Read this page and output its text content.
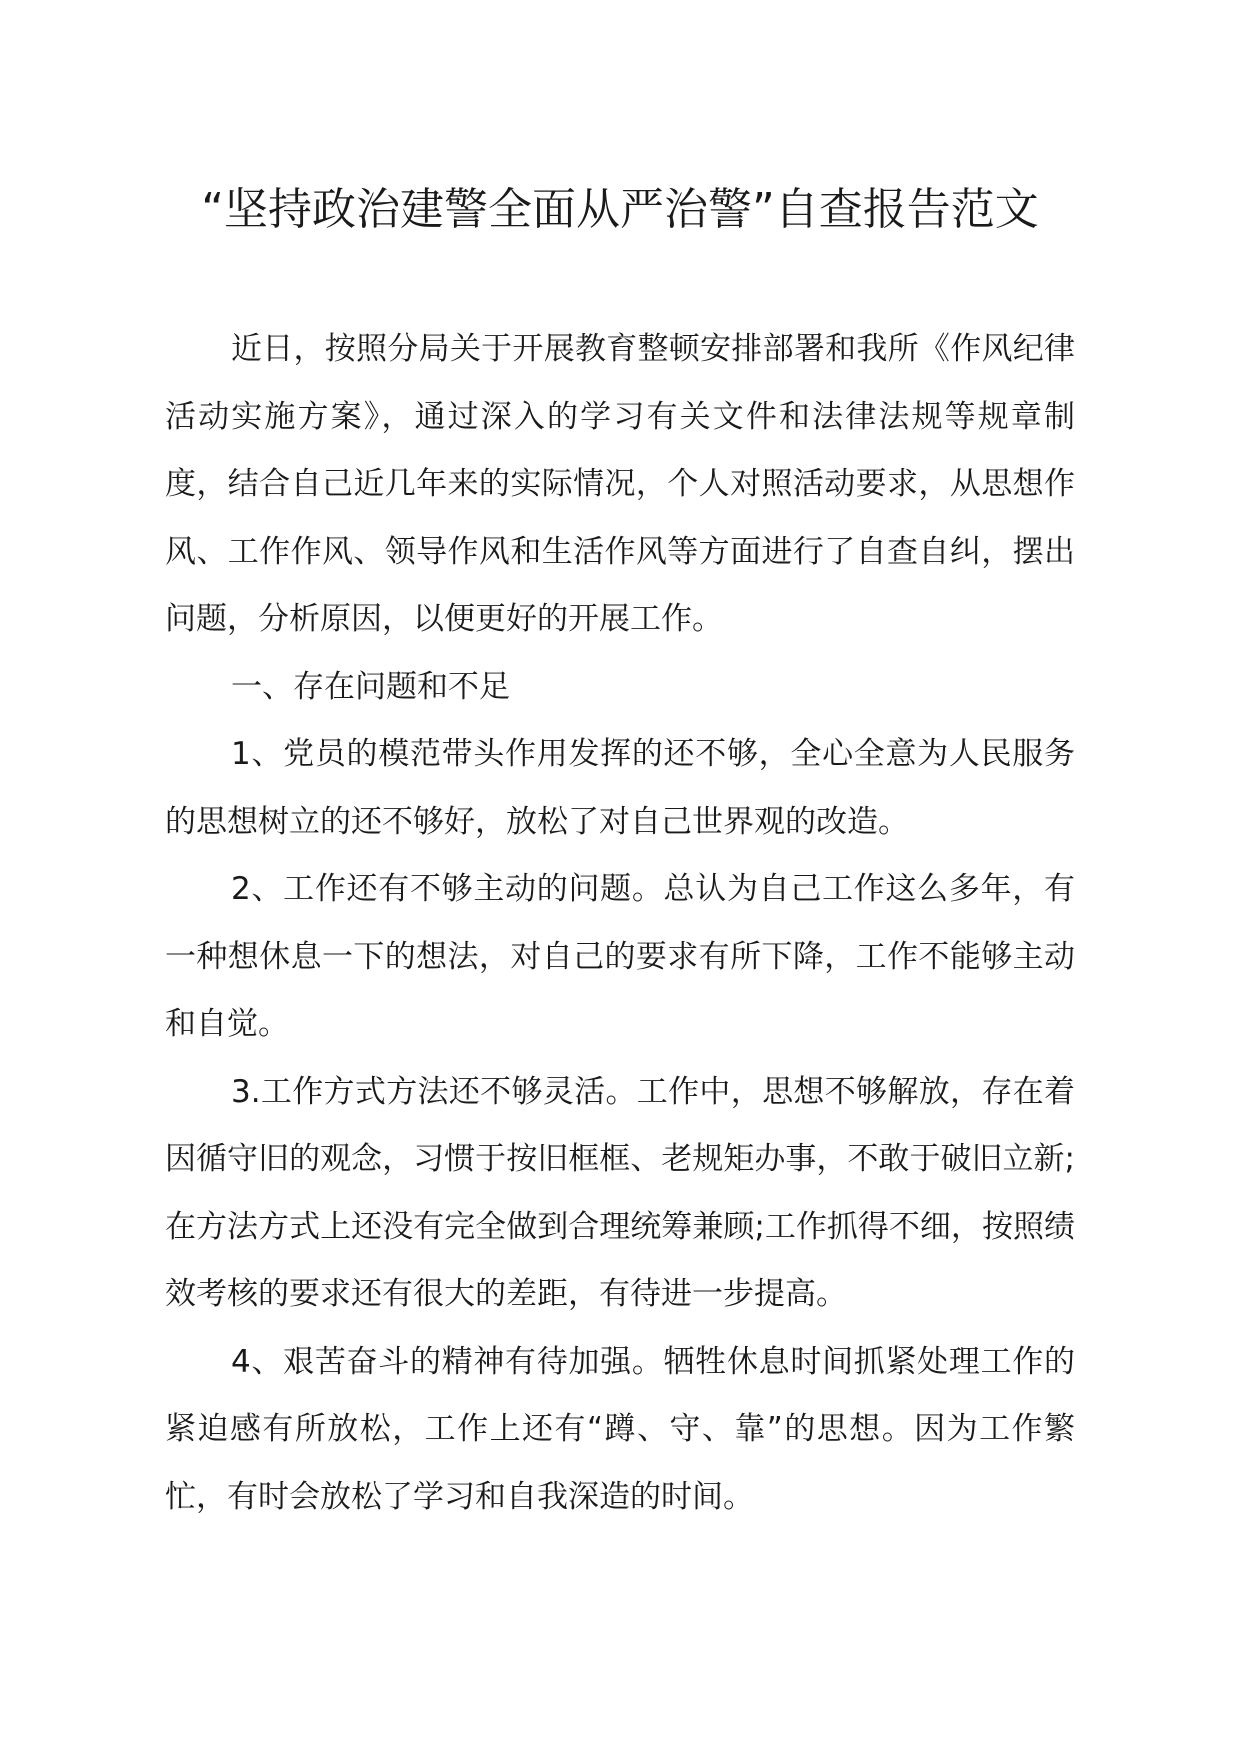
“坚持政治建警全面从严治警”自查报告范文

近日，按照分局关于开展教育整顿安排部署和我所《作风纪律活动实施方案》，通过深入的学习有关文件和法律法规等规章制度，结合自己近几年来的实际情况，个人对照活动要求，从思想作风、工作作风、领导作风和生活作风等方面进行了自查自纠，摆出问题，分析原因，以便更好的开展工作。

一、存在问题和不足

1、党员的模范带头作用发挥的还不够，全心全意为人民服务的思想树立的还不够好，放松了对自己世界观的改造。

2、工作还有不够主动的问题。总认为自己工作这么多年，有一种想休息一下的想法，对自己的要求有所下降，工作不能够主动和自觉。

3.工作方式方法还不够灵活。工作中，思想不够解放，存在着因循守旧的观念，习惯于按旧框框、老规矩办事，不敢于破旧立新;在方法方式上还没有完全做到合理统筹兼顾;工作抓得不细，按照绩效考核的要求还有很大的差距，有待进一步提高。

4、艰苦奋斗的精神有待加强。牺牲休息时间抓紧处理工作的紧迫感有所放松，工作上还有“蹲、守、靠”的思想。因为工作繁忙，有时会放松了学习和自我深造的时间。
